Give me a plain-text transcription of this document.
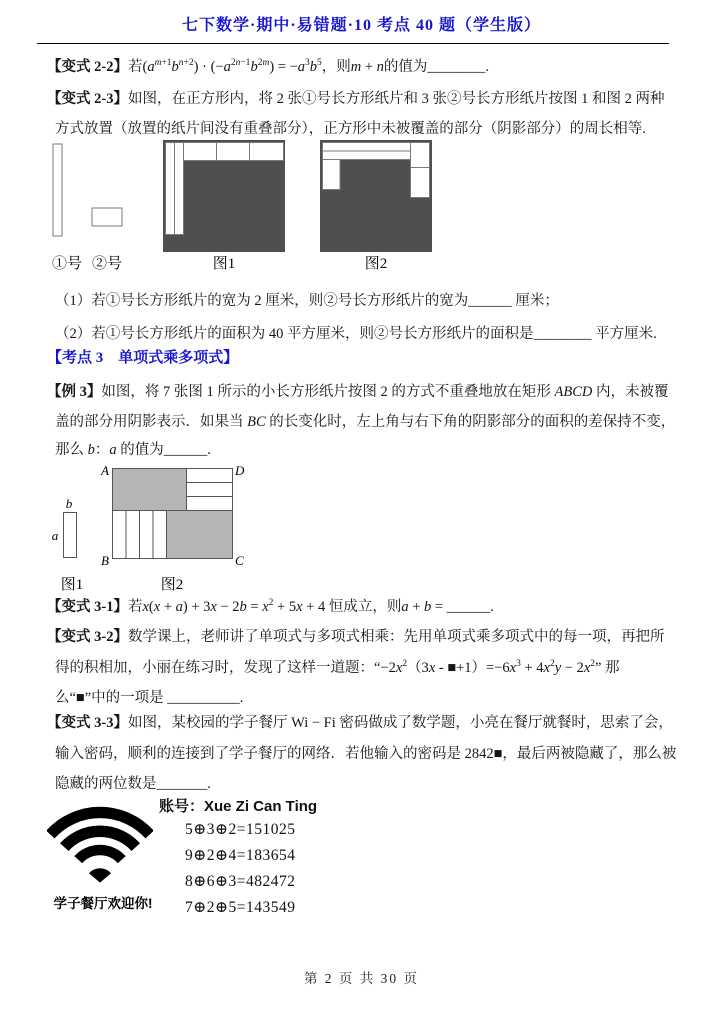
七下数学·期中·易错题·10 考点 40 题（学生版）
【变式 2-2】若$(a^{m+1}b^{n+2}) \cdot (-a^{2n-1}b^{2m}) = -a^3b^5$，则m + n的值为________.
【变式 2-3】如图，在正方形内，将 2 张①号长方形纸片和 3 张②号长方形纸片按图 1 和图 2 两种
方式放置（放置的纸片间没有重叠部分），正方形中未被覆盖的部分（阴影部分）的周长相等.
①号 ②号	图1	图2
（1）若①号长方形纸片的宽为 2 厘米，则②号长方形纸片的宽为______ 厘米；
（2）若①号长方形纸片的面积为 40 平方厘米，则②号长方形纸片的面积是________ 平方厘米.
【考点 3　单项式乘多项式】
【例 3】如图，将 7 张图 1 所示的小长方形纸片按图 2 的方式不重叠地放在矩形 ABCD 内，未被覆
盖的部分用阴影表示．如果当 BC 的长变化时，左上角与右下角的阴影部分的面积的差保持不变，
那么 b：a 的值为______.
b
a
图1
A	D
B	C
图2
【变式 3-1】若$x(x + a) + 3x - 2b = x^2 + 5x + 4$ 恒成立，则a + b = ______.
【变式 3-2】数学课上，老师讲了单项式与多项式相乘：先用单项式乘多项式中的每一项，再把所
得的积相加，小丽在练习时，发现了这样一道题：“$-2x^2(3x$ - $■+1)=-6x^3 + 4x^2y - 2x^2$” 那
么“■”中的一项是 __________.
【变式 3-3】如图，某校园的学子餐厅 Wi − Fi 密码做成了数学题，小亮在餐厅就餐时，思索了会，
输入密码，顺利的连接到了学子餐厅的网络．若他输入的密码是 2842■，最后两被隐藏了，那么被
隐藏的两位数是_______.
学子餐厅欢迎你!
账号：Xue Zi Can Ting
5⊕3⊕2=151025
9⊕2⊕4=183654
8⊕6⊕3=482472
7⊕2⊕5=143549
第 2 页 共 30 页
